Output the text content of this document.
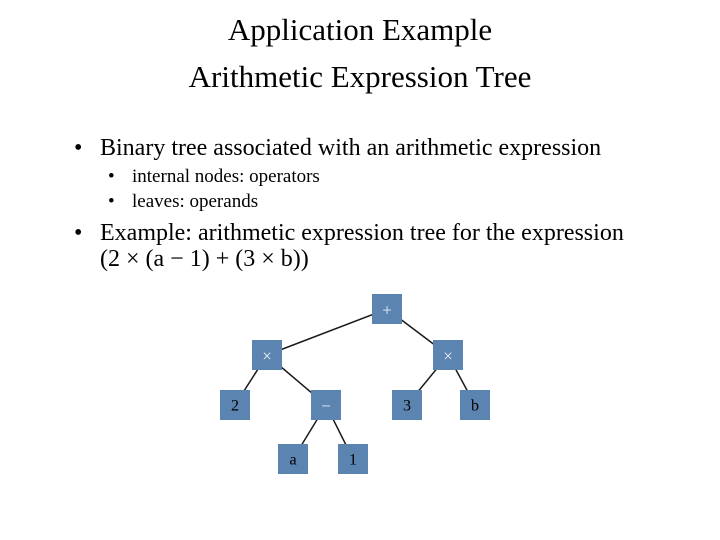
Application Example
Arithmetic Expression Tree
• Binary tree associated with an arithmetic expression
• internal nodes: operators
• leaves: operands
• Example: arithmetic expression tree for the expression
(2 × (a − 1) + (3 × b))
+
×	×
2	−	3	b
a	1
